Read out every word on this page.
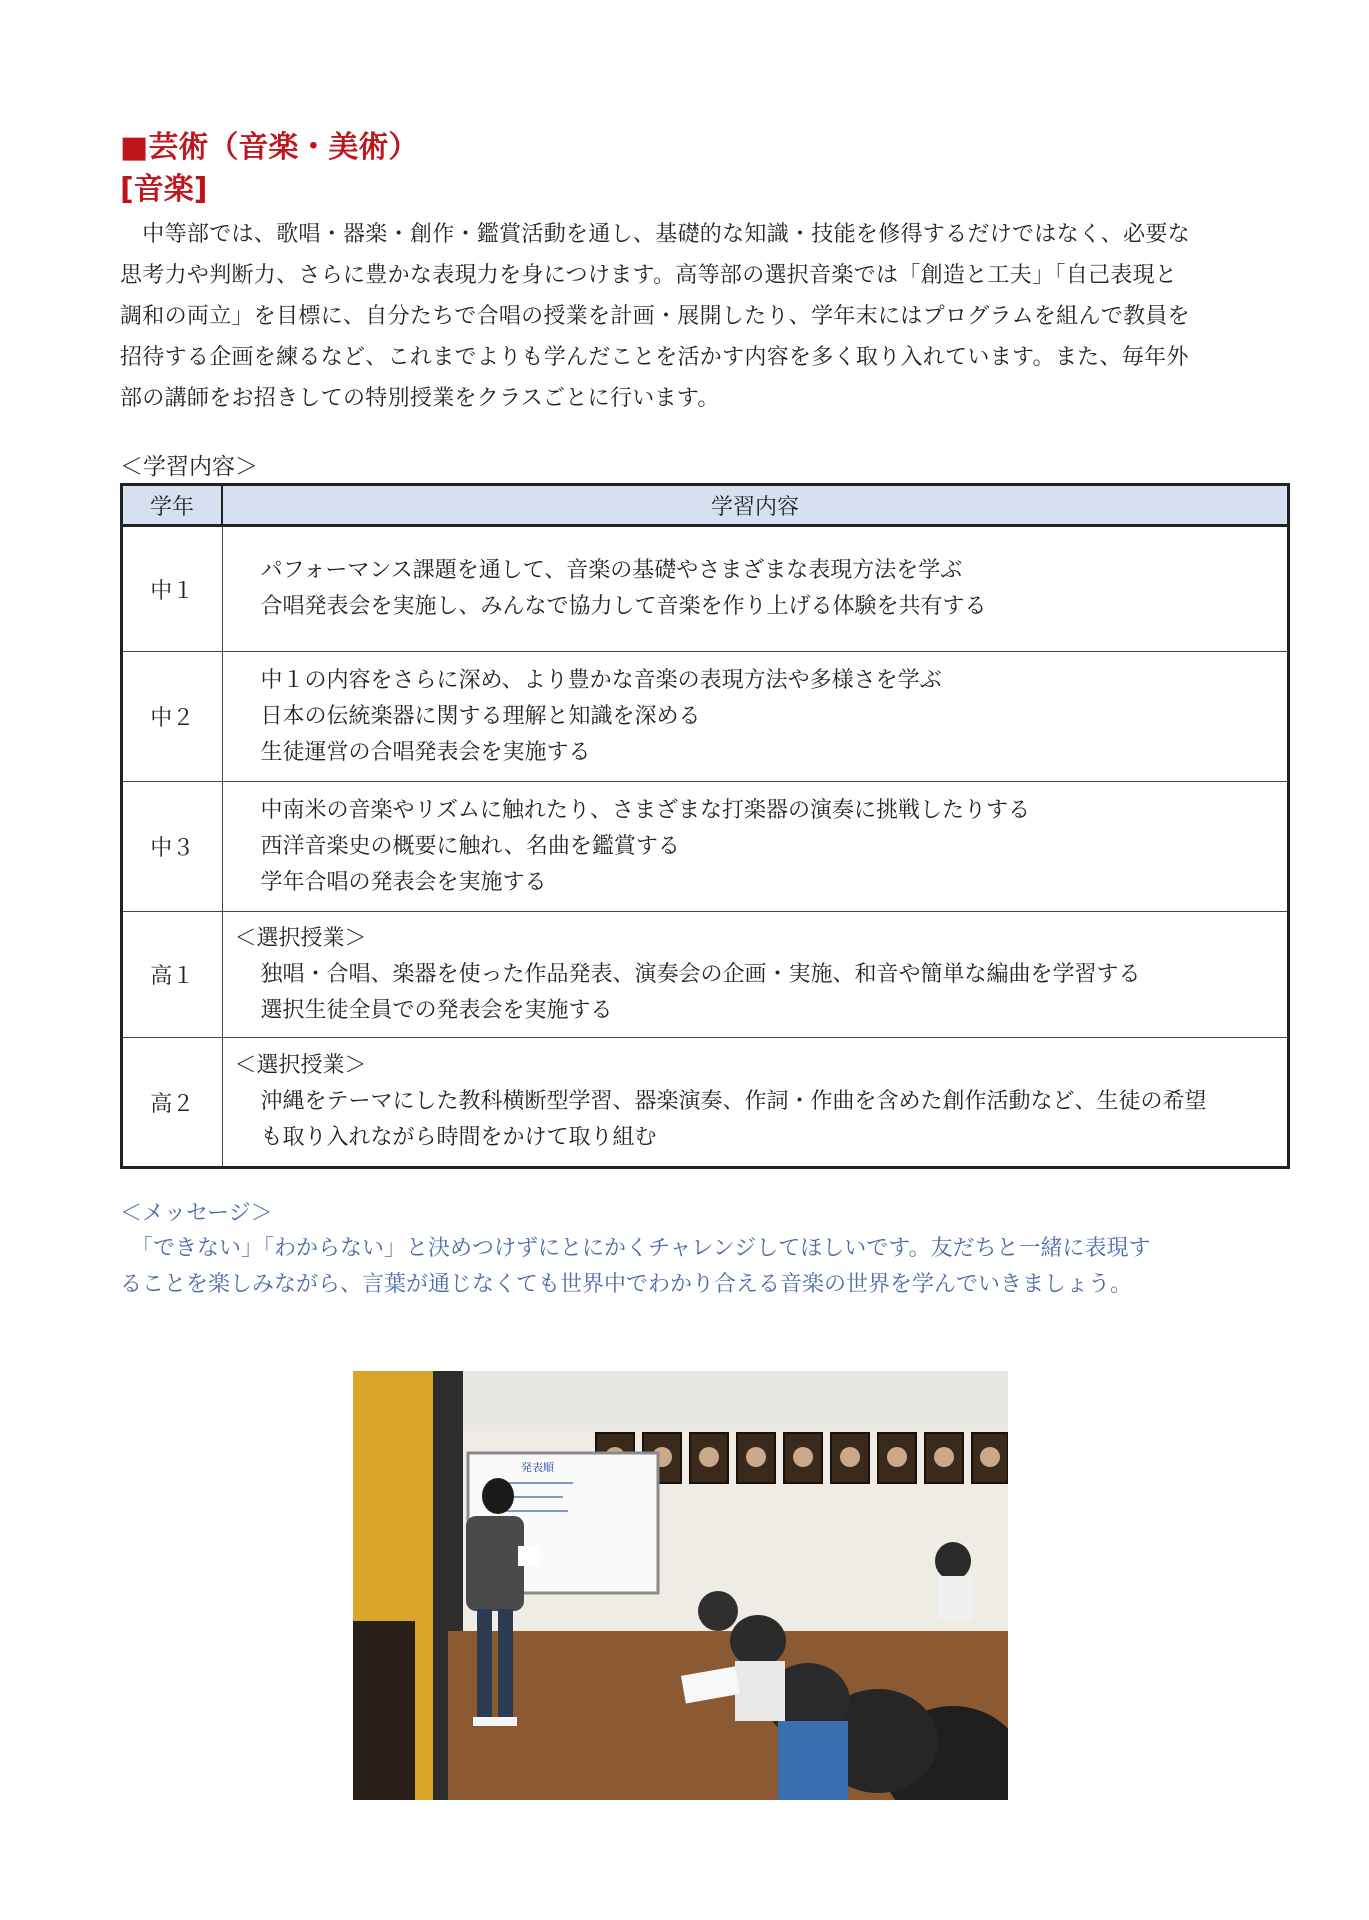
■芸術（音楽・美術）
[音楽]

　中等部では、歌唱・器楽・創作・鑑賞活動を通し、基礎的な知識・技能を修得するだけではなく、必要な

思考力や判断力、さらに豊かな表現力を身につけます。高等部の選択音楽では「創造と工夫」「自己表現と

調和の両立」を目標に、自分たちで合唱の授業を計画・展開したり、学年末にはプログラムを組んで教員を

招待する企画を練るなど、これまでよりも学んだことを活かす内容を多く取り入れています。また、毎年外

部の講師をお招きしての特別授業をクラスごとに行います。

＜学習内容＞
学年	学習内容
中１	パフォーマンス課題を通して、音楽の基礎やさまざまな表現方法を学ぶ
合唱発表会を実施し、みんなで協力して音楽を作り上げる体験を共有する

中２	中１の内容をさらに深め、より豊かな音楽の表現方法や多様さを学ぶ
日本の伝統楽器に関する理解と知識を深める
生徒運営の合唱発表会を実施する

中３	中南米の音楽やリズムに触れたり、さまざまな打楽器の演奏に挑戦したりする
西洋音楽史の概要に触れ、名曲を鑑賞する
学年合唱の発表会を実施する

高１	＜選択授業＞
独唱・合唱、楽器を使った作品発表、演奏会の企画・実施、和音や簡単な編曲を学習する
選択生徒全員での発表会を実施する

高２	＜選択授業＞
沖縄をテーマにした教科横断型学習、器楽演奏、作詞・作曲を含めた創作活動など、生徒の希望
も取り入れながら時間をかけて取り組む
＜メッセージ＞

　「できない」「わからない」と決めつけずにとにかくチャレンジしてほしいです。友だちと一緒に表現す

ることを楽しみながら、言葉が通じなくても世界中でわかり合える音楽の世界を学んでいきましょう。

発表順
